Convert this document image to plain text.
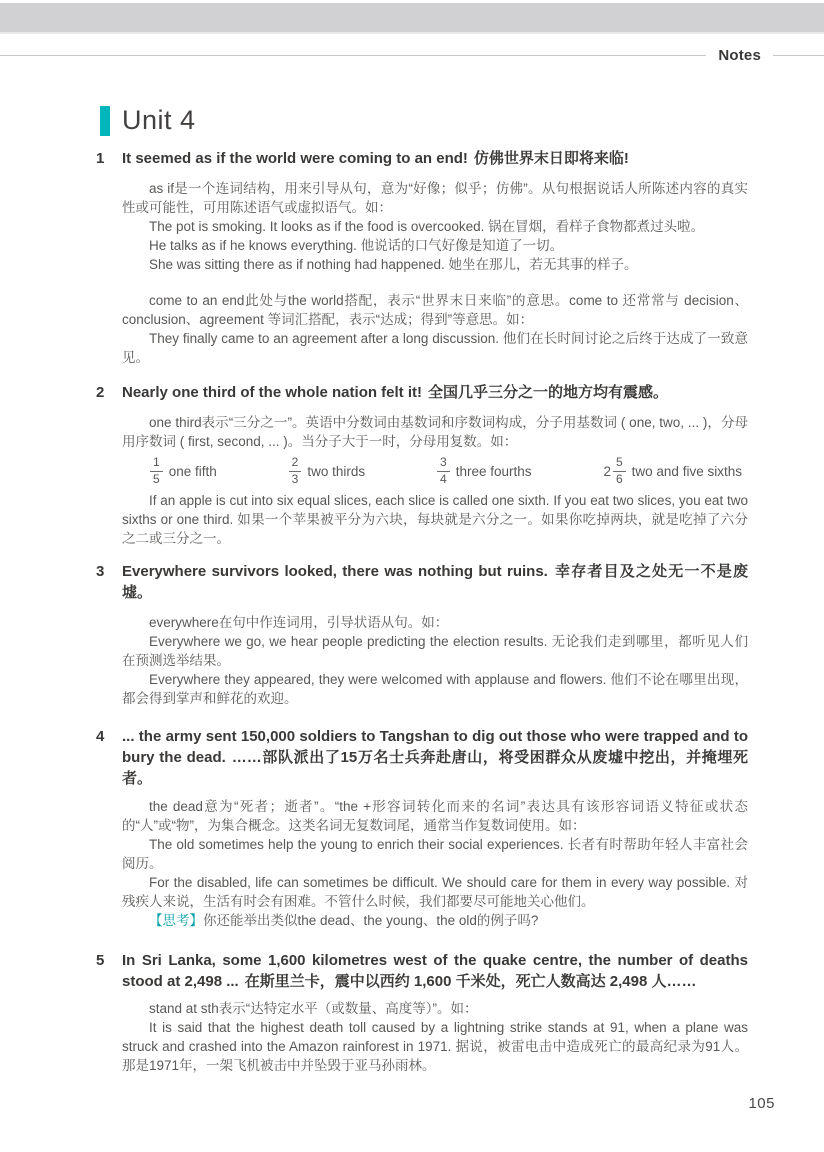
Notes
Unit 4
1	It seemed as if the world were coming to an end! 仿佛世界末日即将来临!

as if是一个连词结构，用来引导从句，意为“好像；似乎；仿佛”。从句根据说话人所陈述内容的真实性或可能性，可用陈述语气或虚拟语气。如：

The pot is smoking. It looks as if the food is overcooked. 锅在冒烟，看样子食物都煮过头啦。

He talks as if he knows everything. 他说话的口气好像是知道了一切。

She was sitting there as if nothing had happened. 她坐在那儿，若无其事的样子。

come to an end此处与the world搭配，表示“世界末日来临”的意思。come to 还常常与 decision、conclusion、agreement 等词汇搭配，表示“达成；得到”等意思。如：

They finally came to an agreement after a long discussion. 他们在长时间讨论之后终于达成了一致意见。

2	Nearly one third of the whole nation felt it! 全国几乎三分之一的地方均有震感。

one third表示“三分之一”。英语中分数词由基数词和序数词构成，分子用基数词 ( one, two, ... )，分母用序数词 ( first, second, ... )。当分子大于一时，分母用复数。如：

$\frac{1}{5}$ one fifth	$\frac{2}{3}$ two thirds	$\frac{3}{4}$ three fourths	$2 \frac{5}{6}$ two and five sixths

If an apple is cut into six equal slices, each slice is called one sixth. If you eat two slices, you eat two sixths or one third. 如果一个苹果被平分为六块，每块就是六分之一。如果你吃掉两块，就是吃掉了六分之二或三分之一。

3	Everywhere survivors looked, there was nothing but ruins. 幸存者目及之处无一不是废墟。

everywhere在句中作连词用，引导状语从句。如：

Everywhere we go, we hear people predicting the election results. 无论我们走到哪里，都听见人们在预测选举结果。

Everywhere they appeared, they were welcomed with applause and flowers. 他们不论在哪里出现，都会得到掌声和鲜花的欢迎。

4	... the army sent 150,000 soldiers to Tangshan to dig out those who were trapped and to bury the dead. ……部队派出了15万名士兵奔赴唐山，将受困群众从废墟中挖出，并掩埋死者。

the dead意为“死者；逝者”。“the +形容词转化而来的名词”表达具有该形容词语义特征或状态的“人”或“物”，为集合概念。这类名词无复数词尾，通常当作复数词使用。如：

The old sometimes help the young to enrich their social experiences. 长者有时帮助年轻人丰富社会阅历。

For the disabled, life can sometimes be difficult. We should care for them in every way possible. 对残疾人来说，生活有时会有困难。不管什么时候，我们都要尽可能地关心他们。

【思考】你还能举出类似the dead、the young、the old的例子吗?

5	In Sri Lanka, some 1,600 kilometres west of the quake centre, the number of deaths stood at 2,498 ... 在斯里兰卡，震中以西约 1,600 千米处，死亡人数高达 2,498 人……

stand at sth表示“达特定水平（或数量、高度等）”。如：

It is said that the highest death toll caused by a lightning strike stands at 91, when a plane was struck and crashed into the Amazon rainforest in 1971. 据说，被雷电击中造成死亡的最高纪录为91人。那是1971年，一架飞机被击中并坠毁于亚马孙雨林。

105
